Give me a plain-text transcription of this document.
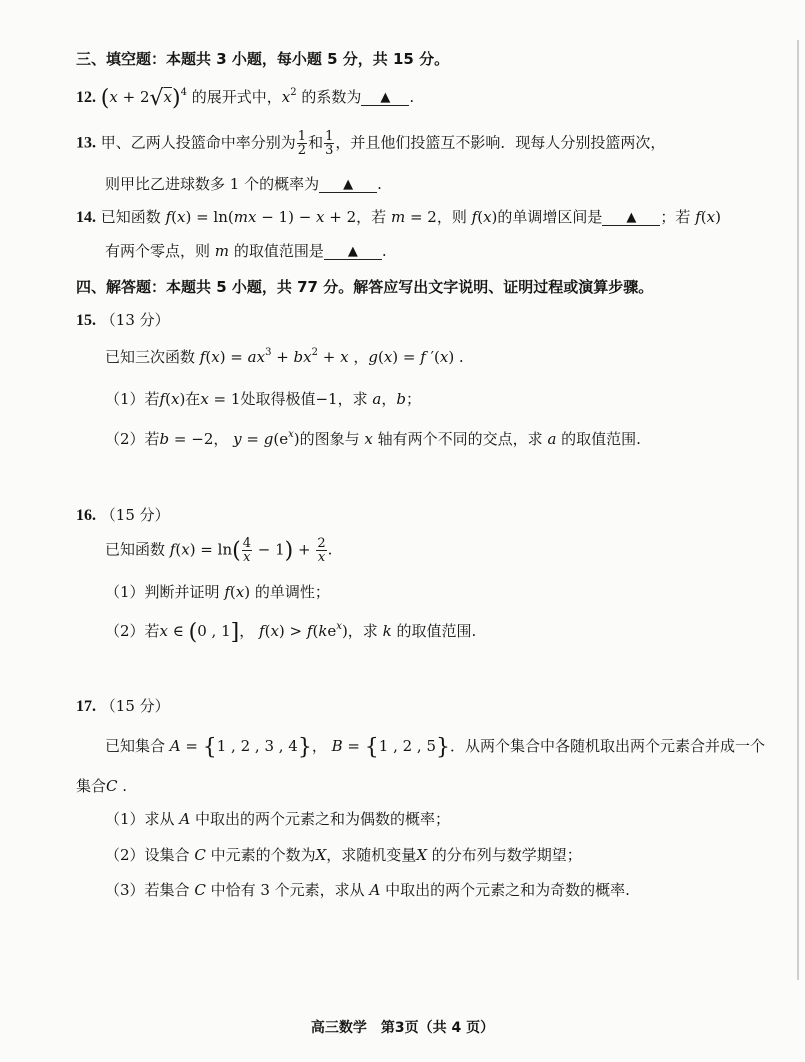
三、填空题：本题共 3 小题，每小题 5 分，共 15 分。
12. $(x + 2√x)^4$ 的展开式中，$x^2$ 的系数为 ▲ .
13. 甲、乙两人投篮命中率分别为 $\frac{1}{2}$ 和 $\frac{1}{3}$ ，并且他们投篮互不影响．现每人分别投篮两次，
则甲比乙进球数多 1 个的概率为 ▲ .
14. 已知函数 f(x) = ln(mx − 1) − x + 2，若 m = 2，则 f(x)的单调增区间是 ▲ ；若 f(x)
有两个零点，则 m 的取值范围是 ▲ .
四、解答题：本题共 5 小题，共 77 分。解答应写出文字说明、证明过程或演算步骤。
15. （13 分）
已知三次函数 $f(x) = ax^3 + bx^2 + x$ ，g(x) = f ′(x) .
（1）若f(x)在x = 1处取得极值−1，求 a，b；
（2）若b = −2， $y = g(e^x)$的图象与 x 轴有两个不同的交点，求 a 的取值范围.
16. （15 分）
已知函数 $f(x) = \ln( \frac{4}{x} - 1) + \frac{2}{x}$ .
（1）判断并证明 f(x) 的单调性；
（2）若x ∈ (0 , 1]， $f(x) > f(ke^x)$，求 k 的取值范围.
17. （15 分）
已知集合 A = {1 , 2 , 3 , 4}， B = {1 , 2 , 5}．从两个集合中各随机取出两个元素合并成一个
集合C .
（1）求从 A 中取出的两个元素之和为偶数的概率；
（2）设集合 C 中元素的个数为X，求随机变量X 的分布列与数学期望；
（3）若集合 C 中恰有 3 个元素，求从 A 中取出的两个元素之和为奇数的概率.
高三数学　第3页（共 4 页）
